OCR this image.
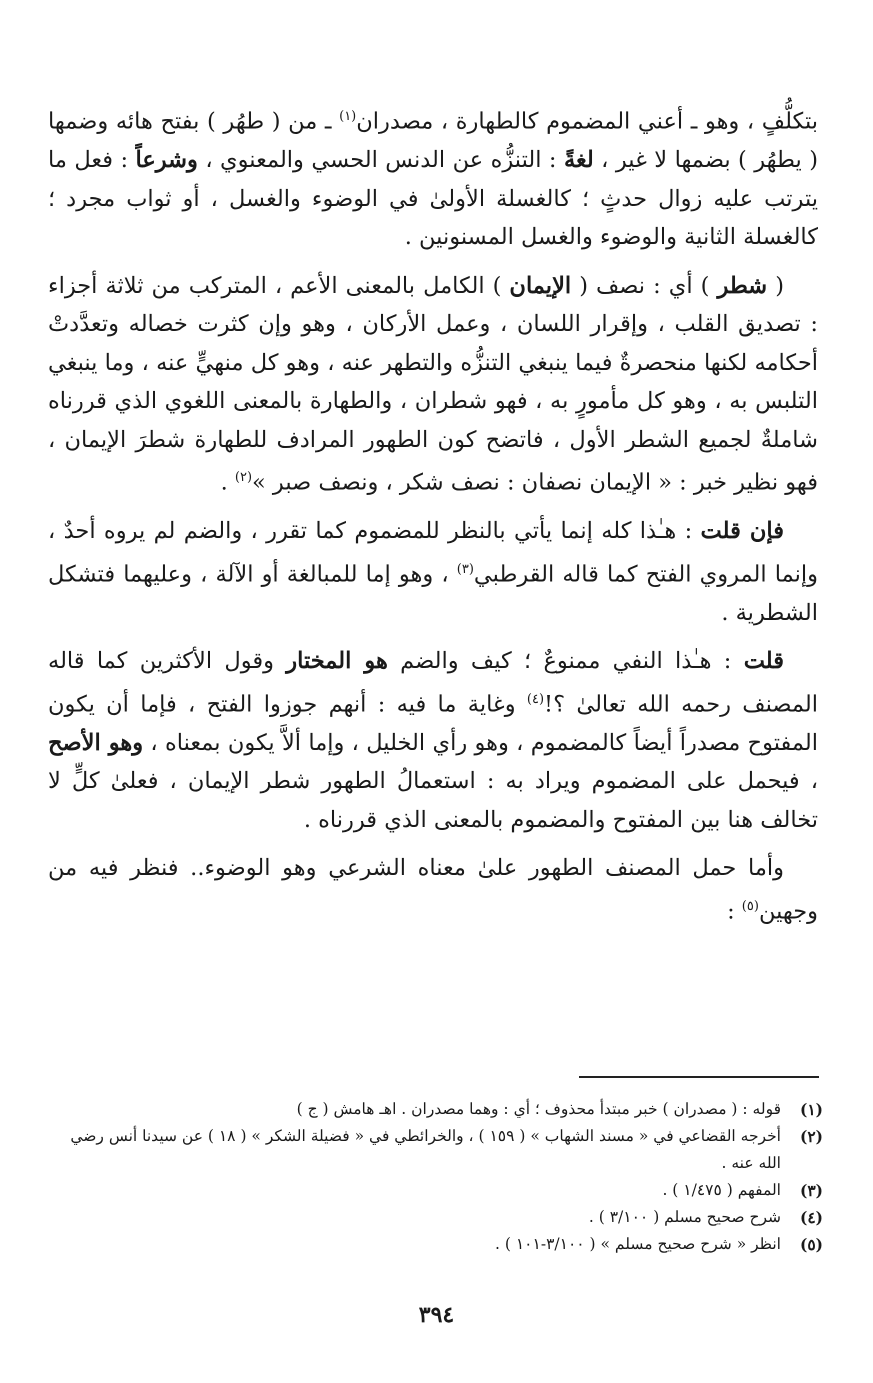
بتكلُّفٍ ، وهو ـ أعني المضموم كالطهارة ، مصدران$^{(١)}$ ـ من ( طهُر ) بفتح هائه وضمها ( يطهُر ) بضمها لا غير ، لغةً : التنزُّه عن الدنس الحسي والمعنوي ، وشرعاً : فعل ما يترتب عليه زوال حدثٍ ؛ كالغسلة الأولىٰ في الوضوء والغسل ، أو ثواب مجرد ؛ كالغسلة الثانية والوضوء والغسل المسنونين .

( شطر ) أي : نصف ( الإيمان ) الكامل بالمعنى الأعم ، المتركب من ثلاثة أجزاء : تصديق القلب ، وإقرار اللسان ، وعمل الأركان ، وهو وإن كثرت خصاله وتعدَّدتْ أحكامه لكنها منحصرةٌ فيما ينبغي التنزُّه والتطهر عنه ، وهو كل منهيٍّ عنه ، وما ينبغي التلبس به ، وهو كل مأمورٍ به ، فهو شطران ، والطهارة بالمعنى اللغوي الذي قررناه شاملةٌ لجميع الشطر الأول ، فاتضح كون الطهور المرادف للطهارة شطرَ الإيمان ، فهو نظير خبر : « الإيمان نصفان : نصف شكر ، ونصف صبر »$^{(٢)}$ .

فإن قلت : هـٰذا كله إنما يأتي بالنظر للمضموم كما تقرر ، والضم لم يروه أحدٌ ، وإنما المروي الفتح كما قاله القرطبي$^{(٣)}$ ، وهو إما للمبالغة أو الآلة ، وعليهما فتشكل الشطرية .

قلت : هـٰذا النفي ممنوعٌ ؛ كيف والضم هو المختار وقول الأكثرين كما قاله المصنف رحمه الله تعالىٰ ؟!$^{(٤)}$ وغاية ما فيه : أنهم جوزوا الفتح ، فإما أن يكون المفتوح مصدراً أيضاً كالمضموم ، وهو رأي الخليل ، وإما ألاَّ يكون بمعناه ، وهو الأصح ، فيحمل على المضموم ويراد به : استعمالُ الطهور شطر الإيمان ، فعلىٰ كلٍّ لا تخالف هنا بين المفتوح والمضموم بالمعنى الذي قررناه .

وأما حمل المصنف الطهور علىٰ معناه الشرعي وهو الوضوء.. فنظر فيه من وجهين$^{(٥)}$ :

(١)
قوله : ( مصدران ) خبر مبتدأ محذوف ؛ أي : وهما مصدران . اهـ هامش ( ج )
(٢)
أخرجه القضاعي في « مسند الشهاب » ( ١٥٩ ) ، والخرائطي في « فضيلة الشكر » ( ١٨ ) عن سيدنا أنس رضي الله عنه .
(٣)
المفهم ( ١/٤٧٥ ) .
(٤)
شرح صحيح مسلم ( ٣/١٠٠ ) .
(٥)
انظر « شرح صحيح مسلم » ( ٣/١٠٠-١٠١ ) .
٣٩٤
